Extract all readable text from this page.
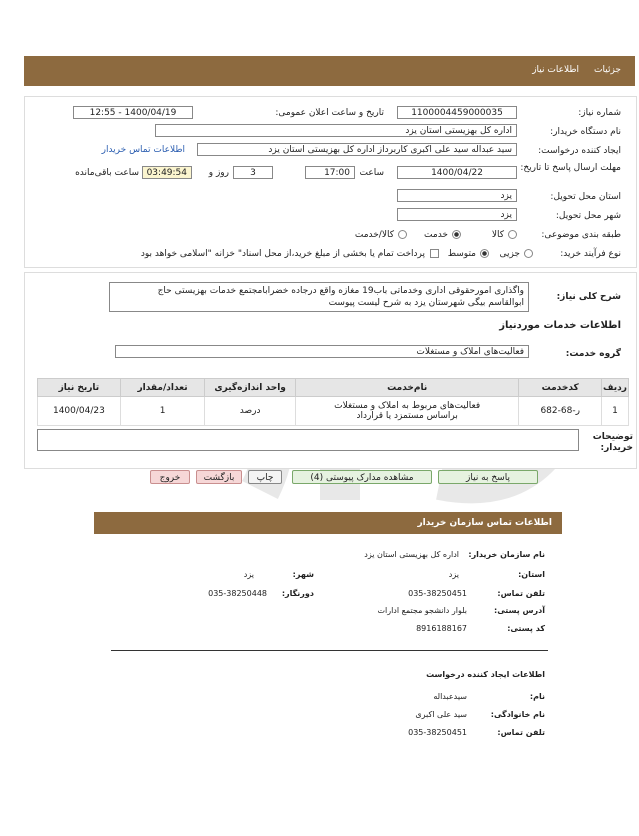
جزئیات
اطلاعات نیاز
شماره نیاز:
1100004459000035
تاریخ و ساعت اعلان عمومی:
1400/04/19 - 12:55
نام دستگاه خریدار:
اداره کل بهزیستی استان یزد
ایجاد کننده درخواست:
سید عبداله سید علی اکبری کاربرداز اداره کل بهزیستی استان یزد
اطلاعات تماس خریدار
مهلت ارسال پاسخ تا تاریخ:
1400/04/22
ساعت
17:00
3
روز و
03:49:54
ساعت باقی‌مانده
استان محل تحویل:
یزد
شهر محل تحویل:
یزد
طبقه بندی موضوعی:
کالا
خدمت
کالا/خدمت
نوع فرآیند خرید:
جزیی
متوسط
پرداخت تمام یا بخشی از مبلغ خرید،از محل اسناد" خزانه "اسلامی خواهد بود
شرح کلی نیاز:
واگذاری امورحقوقی اداری وخدماتی باب19 مغازه واقع درجاده خضرابامجتمع خدمات بهزیستی حاج
ابوالقاسم بیگی شهرستان یزد به شرح لیست پیوست
اطلاعات خدمات مورد‌نیاز
گروه خدمت:
فعالیت‌های املاک و مستغلات
ردیف	کدخدمت	نام‌خدمت	واحد اندازه‌گیری	تعداد/مقدار	تاریخ نیاز
1	ر-68-682	فعالیت‌های مربوط به املاک و مستغلات
براساس مستمزد یا قرارداد	درصد	1	1400/04/23
توضیحات خریدار:
پاسخ به نیاز
مشاهده مدارک پیوستی (4)
چاپ
بازگشت
خروج
اطلاعات تماس سازمان خریدار
نام سازمان خریدار:
اداره کل بهزیستی استان یزد
استان:
یزد
شهر:
یزد
تلفن تماس:
035-38250451
دورنگار:
035-38250448
آدرس پستی:
بلوار دانشجو مجتمع ادارات
کد پستی:
8916188167
اطلاعات ایجاد کننده درخواست
نام:
سیدعبداله
نام خانوادگی:
سید علی اکبری
تلفن تماس:
035-38250451
